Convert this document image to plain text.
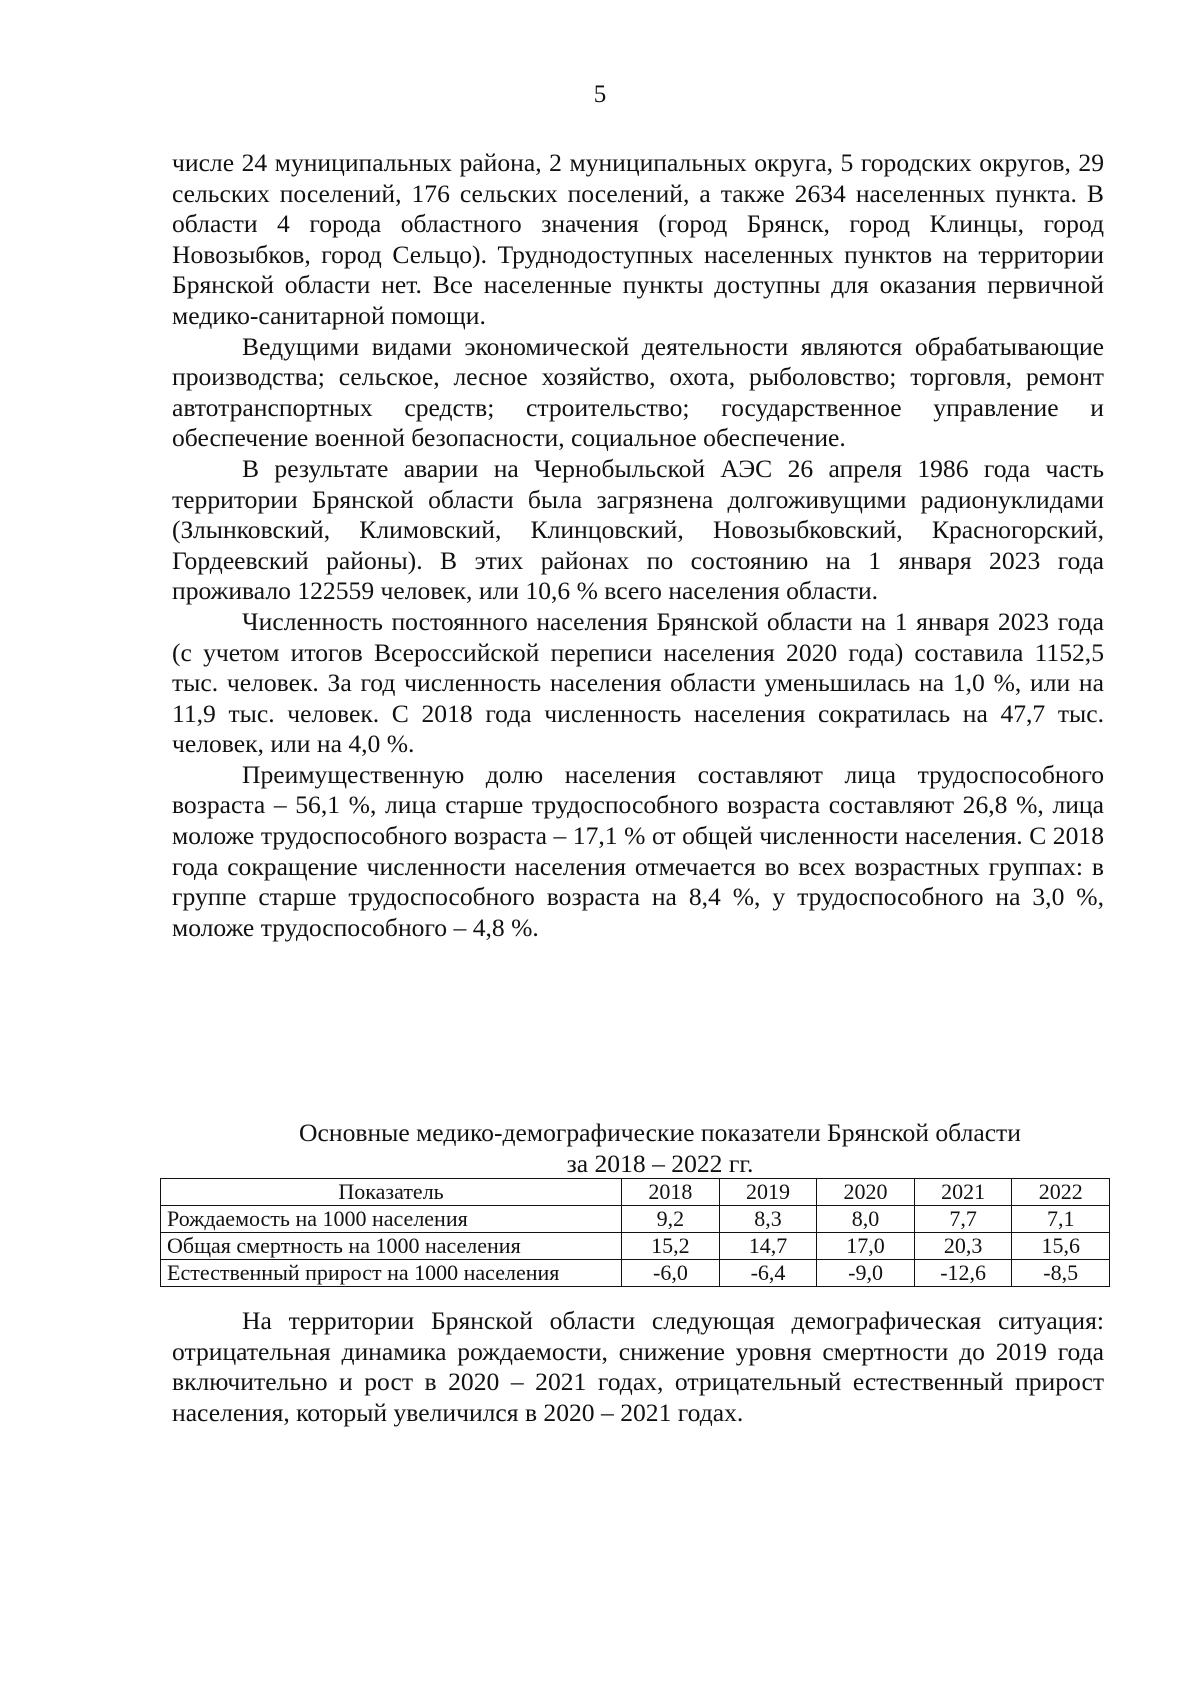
5

числе 24 муниципальных района, 2 муниципальных округа, 5 городских округов, 29 сельских поселений, 176 сельских поселений, а также 2634 населенных пункта. В области 4 города областного значения (город Брянск, город Клинцы, город Новозыбков, город Сельцо). Труднодоступных населенных пунктов на территории Брянской области нет. Все населенные пункты доступны для оказания первичной медико-санитарной помощи.

Ведущими видами экономической деятельности являются обрабатывающие производства; сельское, лесное хозяйство, охота, рыболовство; торговля, ремонт автотранспортных средств; строительство; государственное управление и обеспечение военной безопасности, социальное обеспечение.

В результате аварии на Чернобыльской АЭС 26 апреля 1986 года часть территории Брянской области была загрязнена долгоживущими радионуклидами (Злынковский, Климовский, Клинцовский, Новозыбковский, Красногорский, Гордеевский районы). В этих районах по состоянию на 1 января 2023 года проживало 122559 человек, или 10,6 % всего населения области.

Численность постоянного населения Брянской области на 1 января 2023 года (с учетом итогов Всероссийской переписи населения 2020 года) составила 1152,5 тыс. человек. За год численность населения области уменьшилась на 1,0 %, или на 11,9 тыс. человек. С 2018 года численность населения сократилась на 47,7 тыс. человек, или на 4,0 %.

Преимущественную долю населения составляют лица трудоспособного возраста – 56,1 %, лица старше трудоспособного возраста составляют 26,8 %, лица моложе трудоспособного возраста – 17,1 % от общей численности населения. С 2018 года сокращение численности населения отмечается во всех возрастных группах: в группе старше трудоспособного возраста на 8,4 %, у трудоспособного на 3,0 %, моложе трудоспособного – 4,8 %.

Основные медико-демографические показатели Брянской области
за 2018 – 2022 гг.

Показатель	2018	2019	2020	2021	2022
Рождаемость на 1000 населения	9,2	8,3	8,0	7,7	7,1
Общая смертность на 1000 населения	15,2	14,7	17,0	20,3	15,6
Естественный прирост на 1000 населения	-6,0	-6,4	-9,0	-12,6	-8,5

На территории Брянской области следующая демографическая ситуация: отрицательная динамика рождаемости, снижение уровня смертности до 2019 года включительно и рост в 2020 – 2021 годах, отрицательный естественный прирост населения, который увеличился в 2020 – 2021 годах.
